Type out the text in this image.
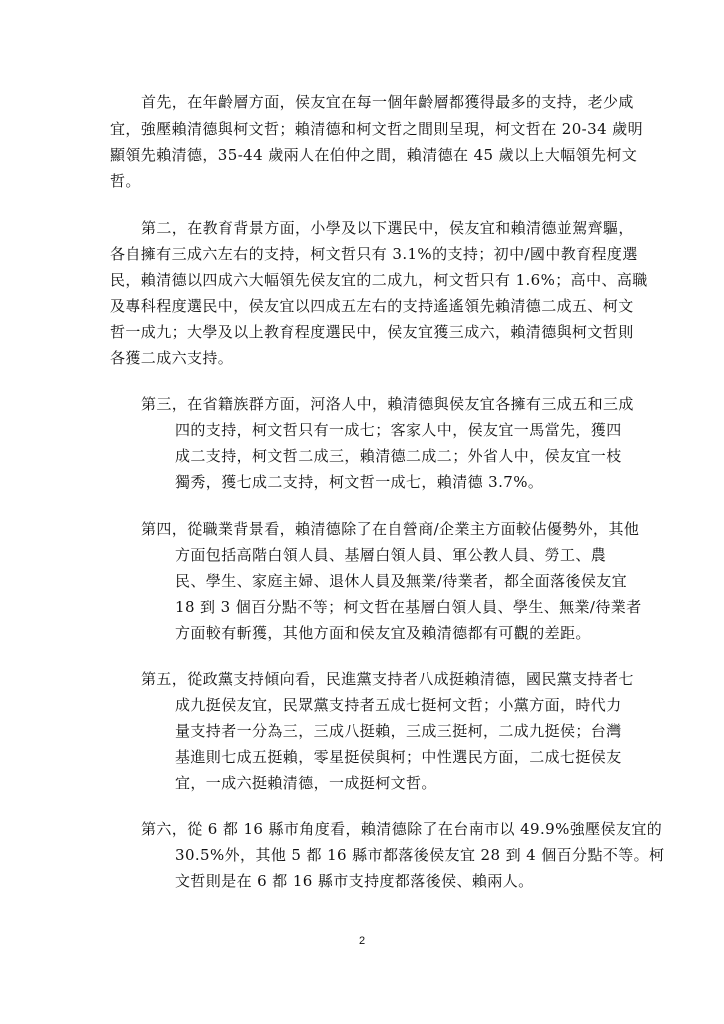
首先，在年齡層方面，侯友宜在每一個年齡層都獲得最多的支持，老少咸
宜，強壓賴清德與柯文哲；賴清德和柯文哲之間則呈現，柯文哲在 20-34 歲明
顯領先賴清德，35-44 歲兩人在伯仲之間，賴清德在 45 歲以上大幅領先柯文
哲。
第二，在教育背景方面，小學及以下選民中，侯友宜和賴清德並駕齊驅，
各自擁有三成六左右的支持，柯文哲只有 3.1%的支持；初中/國中教育程度選
民，賴清德以四成六大幅領先侯友宜的二成九，柯文哲只有 1.6%；高中、高職
及專科程度選民中，侯友宜以四成五左右的支持遙遙領先賴清德二成五、柯文
哲一成九；大學及以上教育程度選民中，侯友宜獲三成六，賴清德與柯文哲則
各獲二成六支持。
第三，在省籍族群方面，河洛人中，賴清德與侯友宜各擁有三成五和三成
四的支持，柯文哲只有一成七；客家人中，侯友宜一馬當先，獲四
成二支持，柯文哲二成三，賴清德二成二；外省人中，侯友宜一枝
獨秀，獲七成二支持，柯文哲一成七，賴清德 3.7%。
第四，從職業背景看，賴清德除了在自營商/企業主方面較佔優勢外，其他
方面包括高階白領人員、基層白領人員、軍公教人員、勞工、農
民、學生、家庭主婦、退休人員及無業/待業者，都全面落後侯友宜
18 到 3 個百分點不等；柯文哲在基層白領人員、學生、無業/待業者
方面較有斬獲，其他方面和侯友宜及賴清德都有可觀的差距。
第五，從政黨支持傾向看，民進黨支持者八成挺賴清德，國民黨支持者七
成九挺侯友宜，民眾黨支持者五成七挺柯文哲；小黨方面，時代力
量支持者一分為三，三成八挺賴，三成三挺柯，二成九挺侯；台灣
基進則七成五挺賴，零星挺侯與柯；中性選民方面，二成七挺侯友
宜，一成六挺賴清德，一成挺柯文哲。
第六，從 6 都 16 縣市角度看，賴清德除了在台南市以 49.9%強壓侯友宜的
30.5%外，其他 5 都 16 縣市都落後侯友宜 28 到 4 個百分點不等。柯
文哲則是在 6 都 16 縣市支持度都落後侯、賴兩人。
2
